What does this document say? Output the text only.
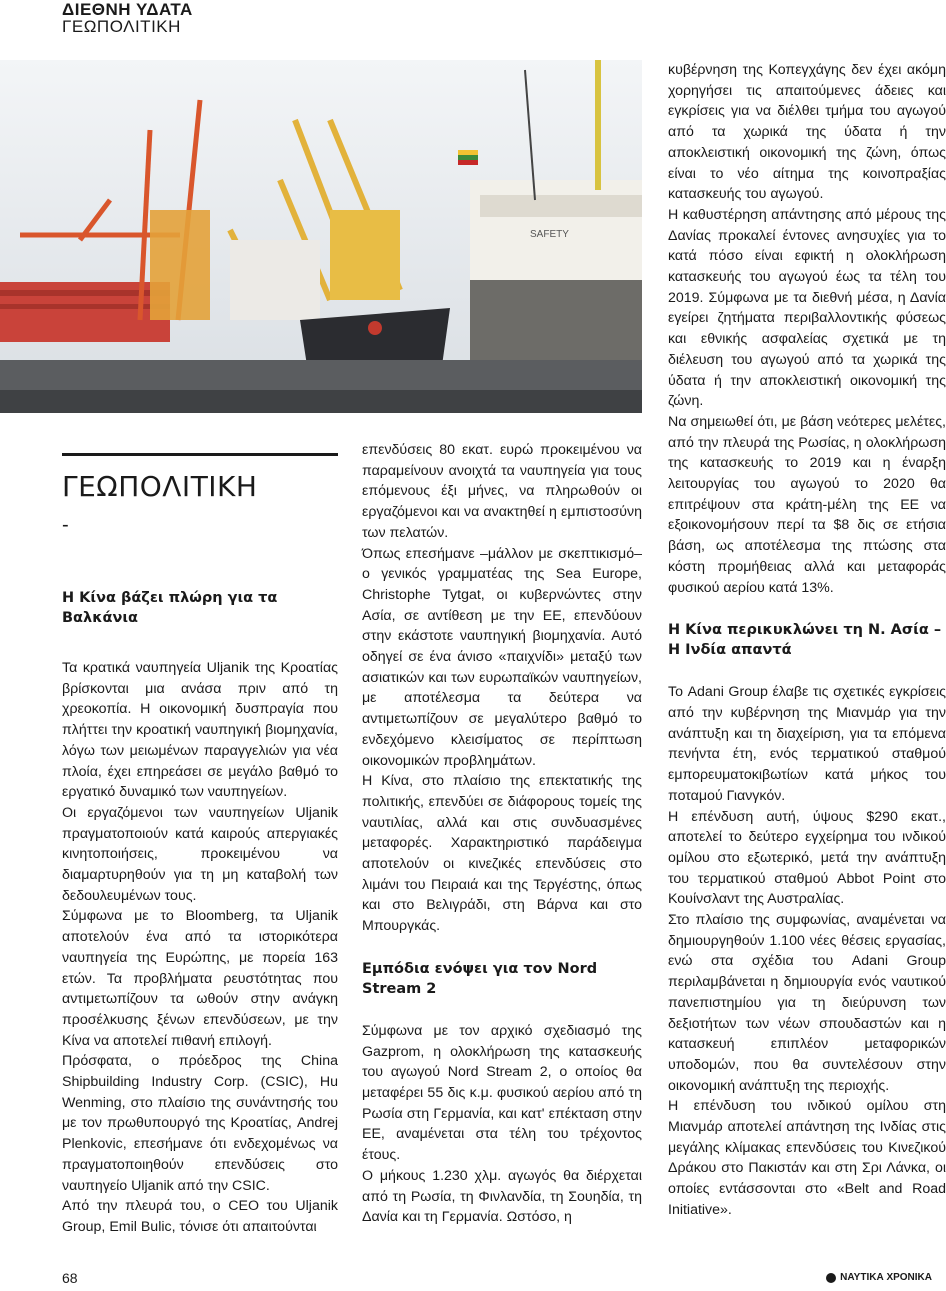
ΔΙΕΘΝΗ ΥΔΑΤΑ
ΓΕΩΠΟΛΙΤΙΚΗ
SAFETY
ΓΕΩΠΟΛΙΤΙΚΗ
-
Η Κίνα βάζει πλώρη για τα Βαλκάνια

Τα κρατικά ναυπηγεία Uljanik της Κροατίας βρίσκονται μια ανάσα πριν από τη χρεοκοπία. Η οικονομική δυσπραγία που πλήττει την κροατική ναυπηγική βιομηχανία, λόγω των μειωμένων παραγγελιών για νέα πλοία, έχει επηρεάσει σε μεγάλο βαθμό το εργατικό δυναμικό των ναυπηγείων.

Οι εργαζόμενοι των ναυπηγείων Uljanik πραγματοποιούν κατά καιρούς απεργιακές κινητοποιήσεις, προκειμένου να διαμαρτυρηθούν για τη μη καταβολή των δεδουλευμένων τους.

Σύμφωνα με το Bloomberg, τα Uljanik αποτελούν ένα από τα ιστορικότερα ναυπηγεία της Ευρώπης, με πορεία 163 ετών. Τα προβλήματα ρευστότητας που αντιμετωπίζουν τα ωθούν στην ανάγκη προσέλκυσης ξένων επενδύσεων, με την Κίνα να αποτελεί πιθανή επιλογή.

Πρόσφατα, ο πρόεδρος της China Shipbuilding Industry Corp. (CSIC), Hu Wenming, στο πλαίσιο της συνάντησής του με τον πρωθυπουργό της Κροατίας, Andrej Plenkovic, επεσήμανε ότι ενδεχομένως να πραγματοποιηθούν επενδύσεις στο ναυπηγείο Uljanik από την CSIC.

Από την πλευρά του, ο CEO του Uljanik Group, Emil Bulic, τόνισε ότι απαιτούνται

επενδύσεις 80 εκατ. ευρώ προκειμένου να παραμείνουν ανοιχτά τα ναυπηγεία για τους επόμενους έξι μήνες, να πληρωθούν οι εργαζόμενοι και να ανακτηθεί η εμπιστοσύνη των πελατών.

Όπως επεσήμανε –μάλλον με σκεπτικισμό– ο γενικός γραμματέας της Sea Europe, Christophe Tytgat, οι κυβερνώντες στην Ασία, σε αντίθεση με την ΕΕ, επενδύουν στην εκάστοτε ναυπηγική βιομηχανία. Αυτό οδηγεί σε ένα άνισο «παιχνίδι» μεταξύ των ασιατικών και των ευρωπαϊκών ναυπηγείων, με αποτέλεσμα τα δεύτερα να αντιμετωπίζουν σε μεγαλύτερο βαθμό το ενδεχόμενο κλεισίματος σε περίπτωση οικονομικών προβλημάτων.

Η Κίνα, στο πλαίσιο της επεκτατικής της πολιτικής, επενδύει σε διάφορους τομείς της ναυτιλίας, αλλά και στις συνδυασμένες μεταφορές. Χαρακτηριστικό παράδειγμα αποτελούν οι κινεζικές επενδύσεις στο λιμάνι του Πειραιά και της Τεργέστης, όπως και στο Βελιγράδι, στη Βάρνα και στο Μπουργκάς.

Εμπόδια ενόψει για τον Nord Stream 2

Σύμφωνα με τον αρχικό σχεδιασμό της Gazprom, η ολοκλήρωση της κατασκευής του αγωγού Nord Stream 2, ο οποίος θα μεταφέρει 55 δις κ.μ. φυσικού αερίου από τη Ρωσία στη Γερμανία, και κατ' επέκταση στην ΕΕ, αναμένεται στα τέλη του τρέχοντος έτους.

Ο μήκους 1.230 χλμ. αγωγός θα διέρχεται από τη Ρωσία, τη Φινλανδία, τη Σουηδία, τη Δανία και τη Γερμανία. Ωστόσο, η

κυβέρνηση της Κοπεγχάγης δεν έχει ακόμη χορηγήσει τις απαιτούμενες άδειες και εγκρίσεις για να διέλθει τμήμα του αγωγού από τα χωρικά της ύδατα ή την αποκλειστική οικονομική της ζώνη, όπως είναι το νέο αίτημα της κοινοπραξίας κατασκευής του αγωγού.

Η καθυστέρηση απάντησης από μέρους της Δανίας προκαλεί έντονες ανησυχίες για το κατά πόσο είναι εφικτή η ολοκλήρωση κατασκευής του αγωγού έως τα τέλη του 2019. Σύμφωνα με τα διεθνή μέσα, η Δανία εγείρει ζητήματα περιβαλλοντικής φύσεως και εθνικής ασφαλείας σχετικά με τη διέλευση του αγωγού από τα χωρικά της ύδατα ή την αποκλειστική οικονομική της ζώνη.

Να σημειωθεί ότι, με βάση νεότερες μελέτες, από την πλευρά της Ρωσίας, η ολοκλήρωση της κατασκευής το 2019 και η έναρξη λειτουργίας του αγωγού το 2020 θα επιτρέψουν στα κράτη-μέλη της ΕΕ να εξοικονομήσουν περί τα $8 δις σε ετήσια βάση, ως αποτέλεσμα της πτώσης στα κόστη προμήθειας αλλά και μεταφοράς φυσικού αερίου κατά 13%.

Η Κίνα περικυκλώνει τη Ν. Ασία – Η Ινδία απαντά

Το Adani Group έλαβε τις σχετικές εγκρίσεις από την κυβέρνηση της Μιανμάρ για την ανάπτυξη και τη διαχείριση, για τα επόμενα πενήντα έτη, ενός τερματικού σταθμού εμπορευματοκιβωτίων κατά μήκος του ποταμού Γιανγκόν.

Η επένδυση αυτή, ύψους $290 εκατ., αποτελεί το δεύτερο εγχείρημα του ινδικού ομίλου στο εξωτερικό, μετά την ανάπτυξη του τερματικού σταθμού Abbot Point στο Κουίνσλαντ της Αυστραλίας.

Στο πλαίσιο της συμφωνίας, αναμένεται να δημιουργηθούν 1.100 νέες θέσεις εργασίας, ενώ στα σχέδια του Adani Group περιλαμβάνεται η δημιουργία ενός ναυτικού πανεπιστημίου για τη διεύρυνση των δεξιοτήτων των νέων σπουδαστών και η κατασκευή επιπλέον μεταφορικών υποδομών, που θα συντελέσουν στην οικονομική ανάπτυξη της περιοχής.

Η επένδυση του ινδικού ομίλου στη Μιανμάρ αποτελεί απάντηση της Ινδίας στις μεγάλης κλίμακας επενδύσεις του Κινεζικού Δράκου στο Πακιστάν και στη Σρι Λάνκα, οι οποίες εντάσσονται στο «Belt and Road Initiative».

68	ΝΑΥΤΙΚΑ ΧΡΟΝΙΚΑ
